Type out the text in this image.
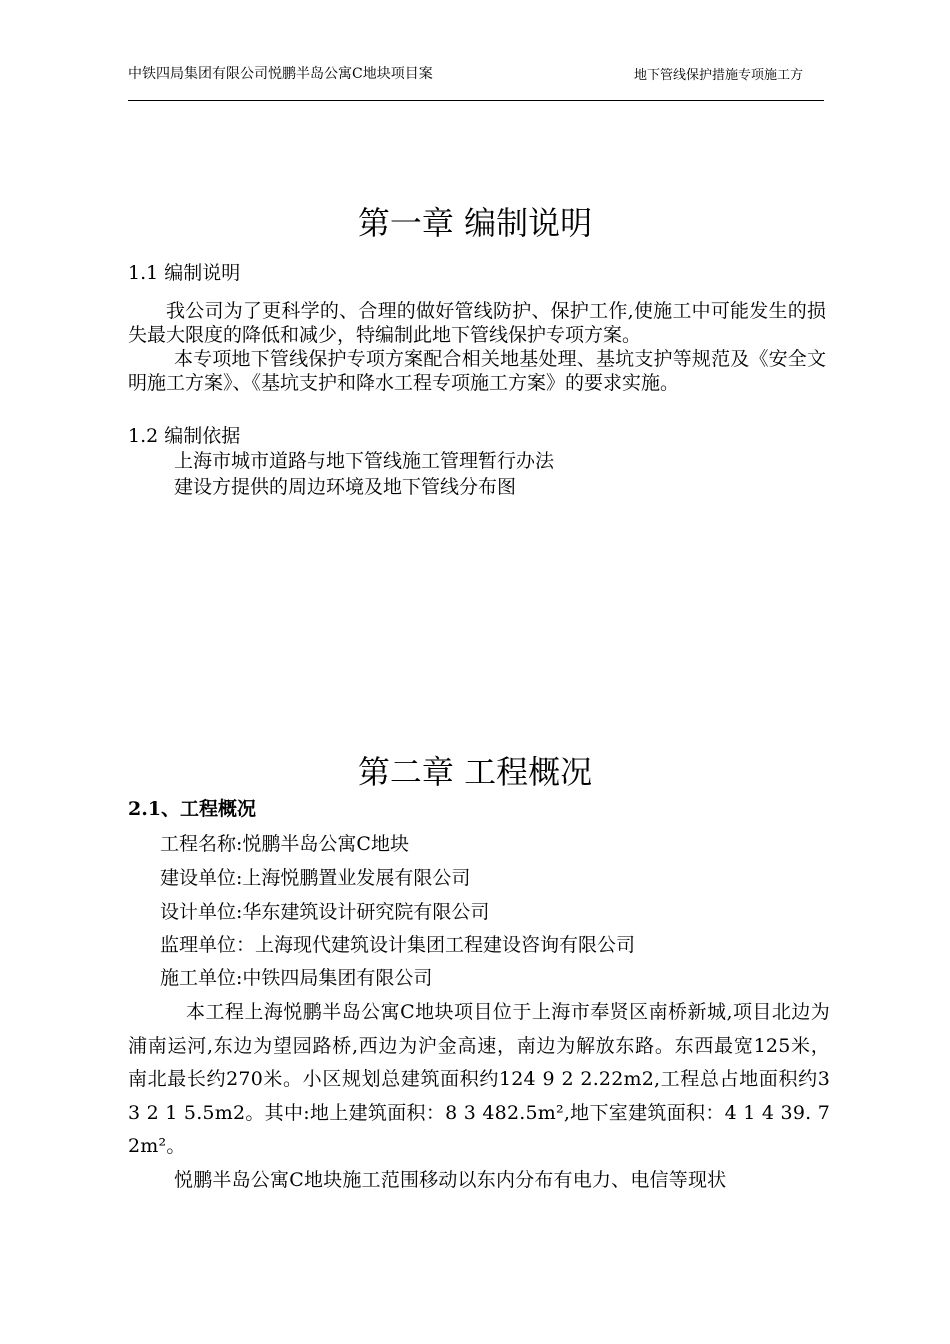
中铁四局集团有限公司悦鹏半岛公寓C地块项目案	地下管线保护措施专项施工方
第一章 编制说明
1.1 编制说明

我公司为了更科学的、合理的做好管线防护、保护工作,使施工中可能发生的损失最大限度的降低和减少，特编制此地下管线保护专项方案。

本专项地下管线保护专项方案配合相关地基处理、基坑支护等规范及《安全文明施工方案》、《基坑支护和降水工程专项施工方案》的要求实施。

1.2 编制依据
上海市城市道路与地下管线施工管理暂行办法
建设方提供的周边环境及地下管线分布图
第二章 工程概况
2.1、工程概况
工程名称:悦鹏半岛公寓C地块
建设单位:上海悦鹏置业发展有限公司
设计单位:华东建筑设计研究院有限公司
监理单位：上海现代建筑设计集团工程建设咨询有限公司
施工单位:中铁四局集团有限公司

本工程上海悦鹏半岛公寓C地块项目位于上海市奉贤区南桥新城,项目北边为浦南运河,东边为望园路桥,西边为沪金高速，南边为解放东路。东西最宽125米，南北最长约270米。小区规划总建筑面积约124 9 2 2.22m2,工程总占地面积约3 3 2 1 5.5m2。其中:地上建筑面积：8 3 482.5m²,地下室建筑面积：4 1 4 39. 7 2m²。

悦鹏半岛公寓C地块施工范围移动以东内分布有电力、电信等现状
